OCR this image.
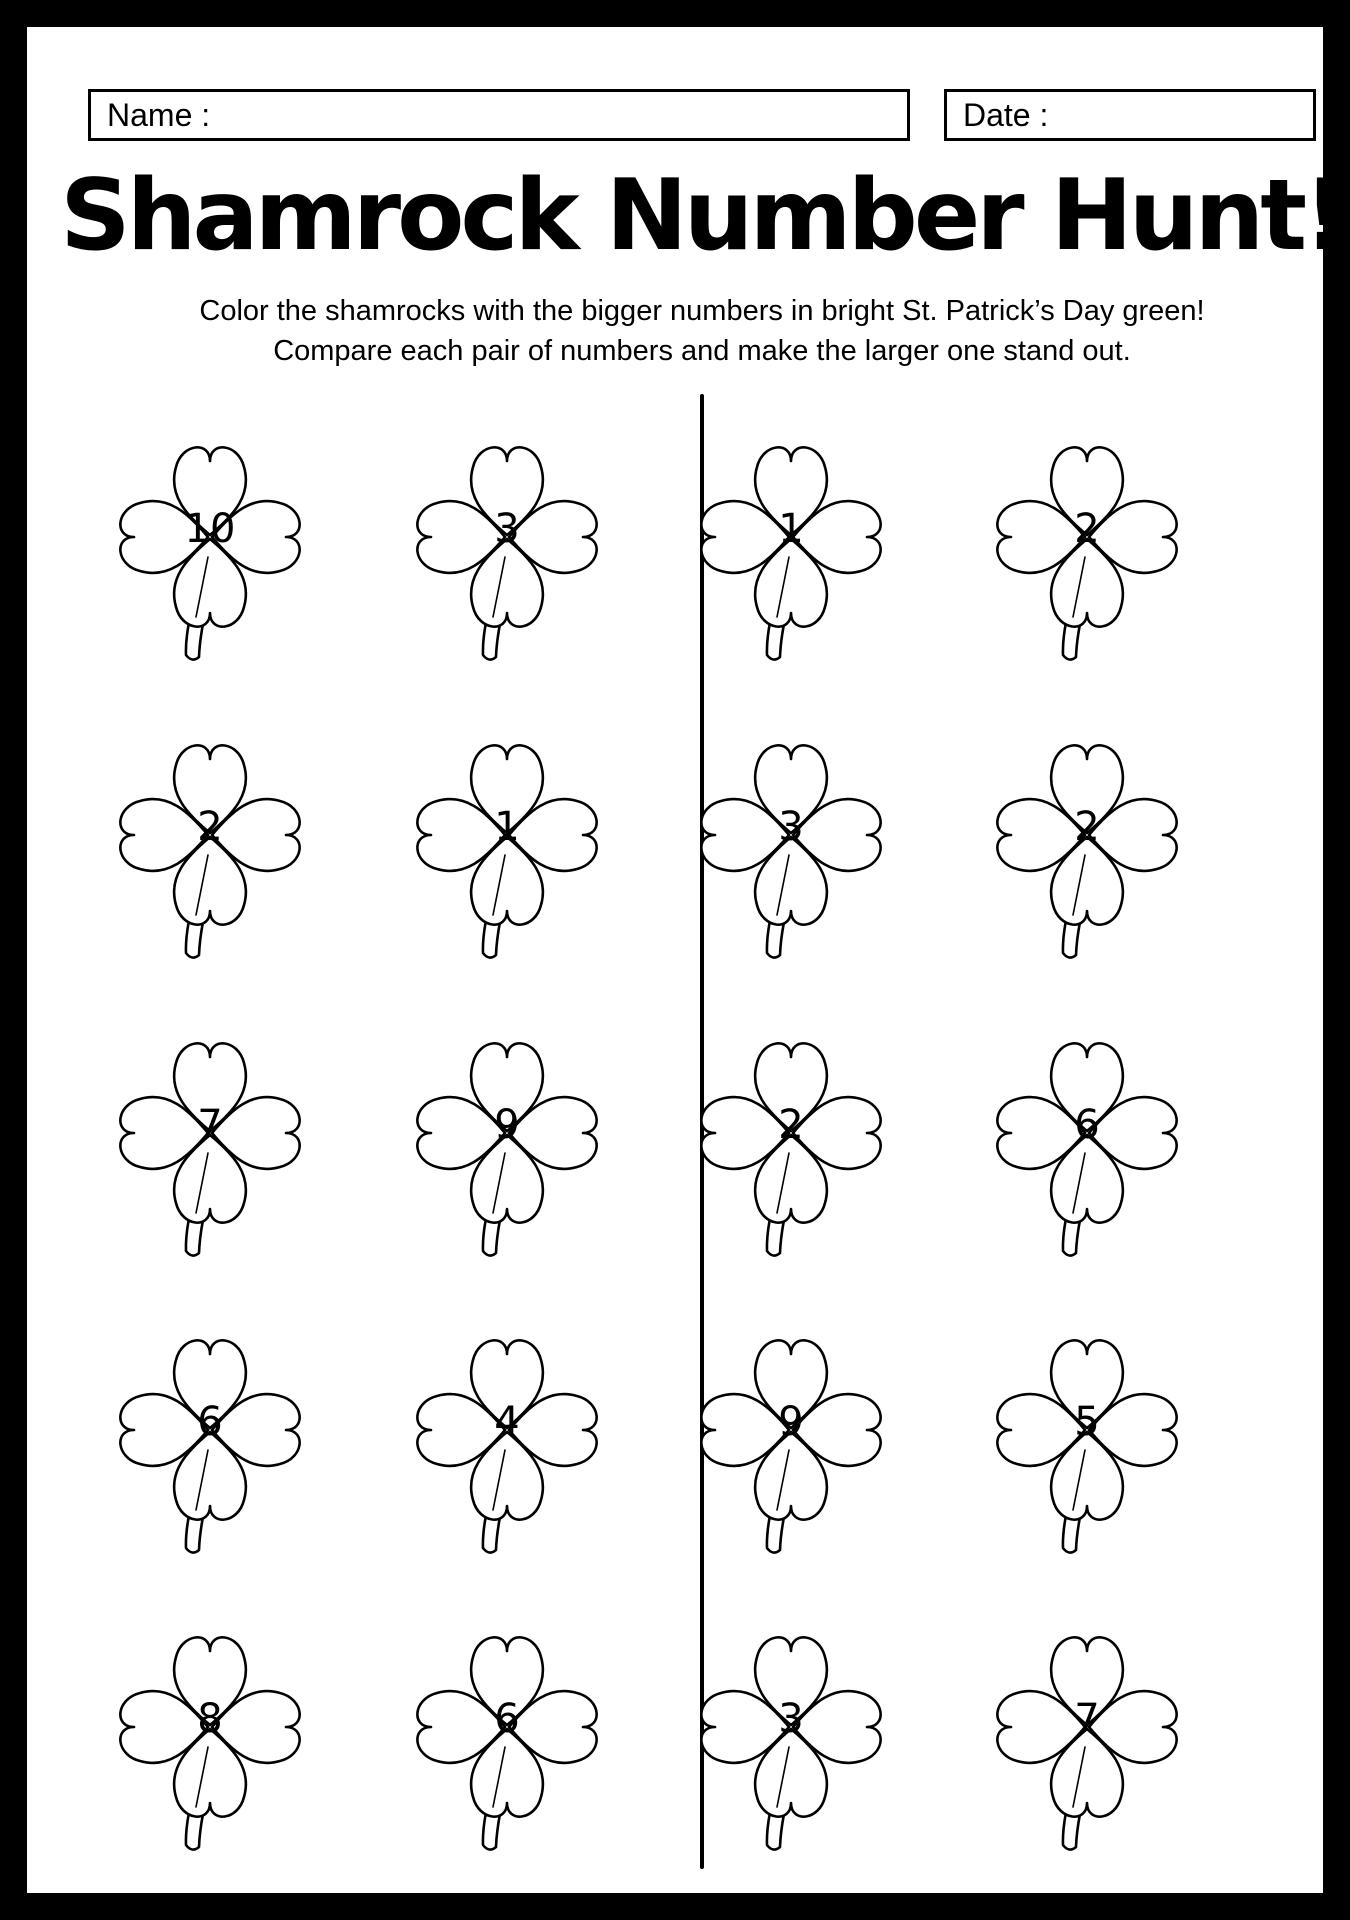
Name :	Date :
Shamrock Number Hunt!
Color the shamrocks with the bigger numbers in bright St. Patrick’s Day green!
Compare each pair of numbers and make the larger one stand out.
10	3
2	1
7	9
6	4
8	6
1	2
3	2
2	6
9	5
3	7
